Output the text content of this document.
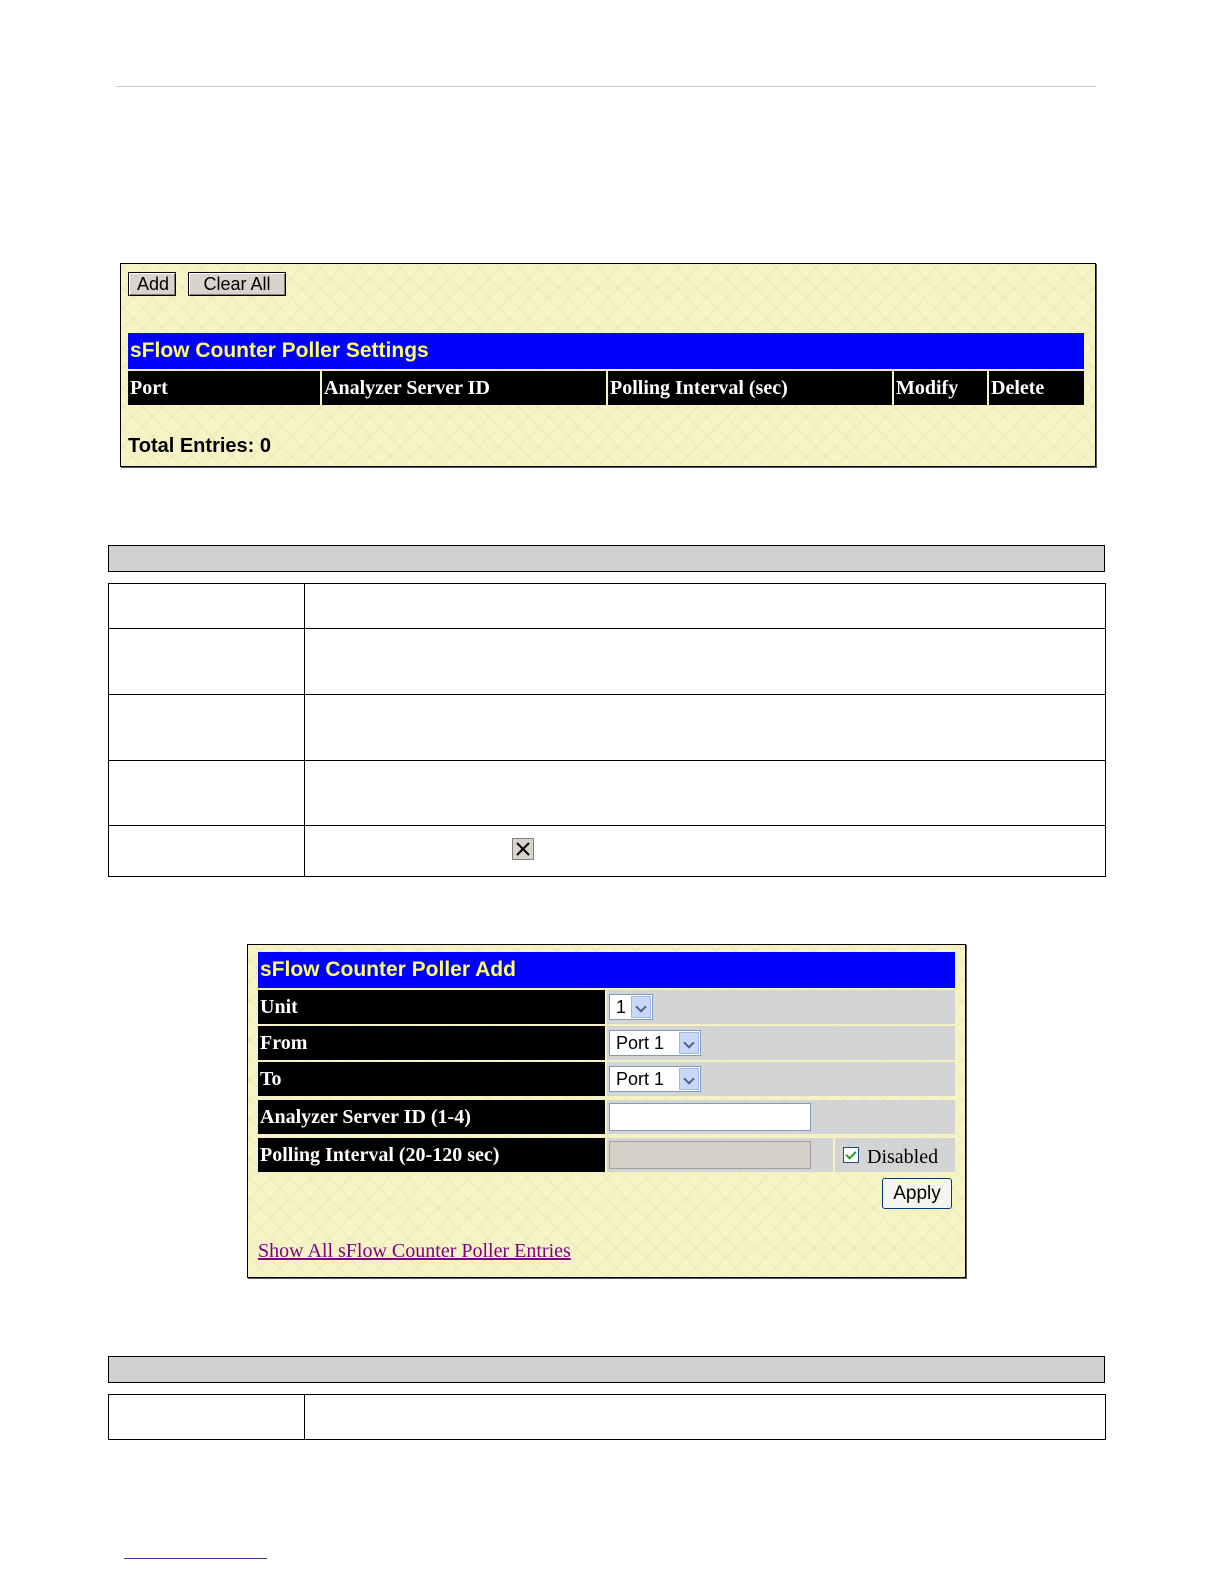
Add	Clear All
sFlow Counter Poller Settings
Port	Analyzer Server ID	Polling Interval (sec)	Modify	Delete
Total Entries: 0

sFlow Counter Poller Add
Unit	1
From	Port 1
To	Port 1
Analyzer Server ID (1-4)
Polling Interval (20-120 sec)	Disabled
Apply
Show All sFlow Counter Poller Entries
